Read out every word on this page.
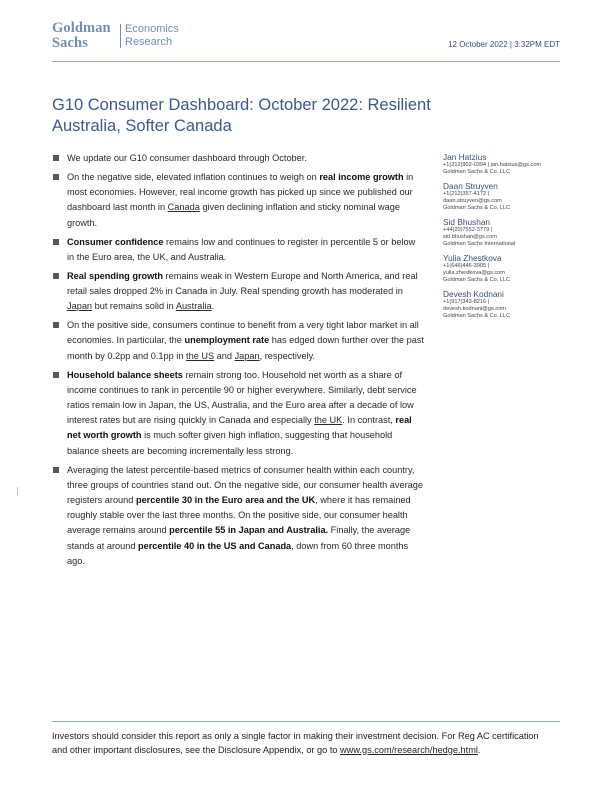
Goldman
Sachs
Economics
Research	12 October 2022 | 3:32PM EDT
G10 Consumer Dashboard: October 2022: Resilient Australia, Softer Canada
We update our G10 consumer dashboard through October.
On the negative side, elevated inflation continues to weigh on real income growth in most economies. However, real income growth has picked up since we published our dashboard last month in Canada given declining inflation and sticky nominal wage growth.
Consumer confidence remains low and continues to register in percentile 5 or below in the Euro area, the UK, and Australia.
Real spending growth remains weak in Western Europe and North America, and real retail sales dropped 2% in Canada in July. Real spending growth has moderated in Japan but remains solid in Australia.
On the positive side, consumers continue to benefit from a very tight labor market in all economies. In particular, the unemployment rate has edged down further over the past month by 0.2pp and 0.1pp in the US and Japan, respectively.
Household balance sheets remain strong too. Household net worth as a share of income continues to rank in percentile 90 or higher everywhere. Similarly, debt service ratios remain low in Japan, the US, Australia, and the Euro area after a decade of low interest rates but are rising quickly in Canada and especially the UK. In contrast, real net worth growth is much softer given high inflation, suggesting that household balance sheets are becoming incrementally less strong.
Averaging the latest percentile-based metrics of consumer health within each country, three groups of countries stand out. On the negative side, our consumer health average registers around percentile 30 in the Euro area and the UK, where it has remained roughly stable over the last three months. On the positive side, our consumer health average remains around percentile 55 in Japan and Australia. Finally, the average stands at around percentile 40 in the US and Canada, down from 60 three months ago.
Jan Hatzius
+1(212)902-0394 | jan.hatzius@gs.com
Goldman Sachs & Co. LLC
Daan Struyven
+1(212)357-4172 |
daan.struyven@gs.com
Goldman Sachs & Co. LLC
Sid Bhushan
+44(20)7552-3779 |
sid.bhushan@gs.com
Goldman Sachs International
Yulia Zhestkova
+1(646)446-3905 |
yulia.zhestkova@gs.com
Goldman Sachs & Co. LLC
Devesh Kodnani
+1(917)343-8216 |
devesh.kodnani@gs.com
Goldman Sachs & Co. LLC
Investors should consider this report as only a single factor in making their investment decision. For Reg AC certification and other important disclosures, see the Disclosure Appendix, or go to www.gs.com/research/hedge.html.
